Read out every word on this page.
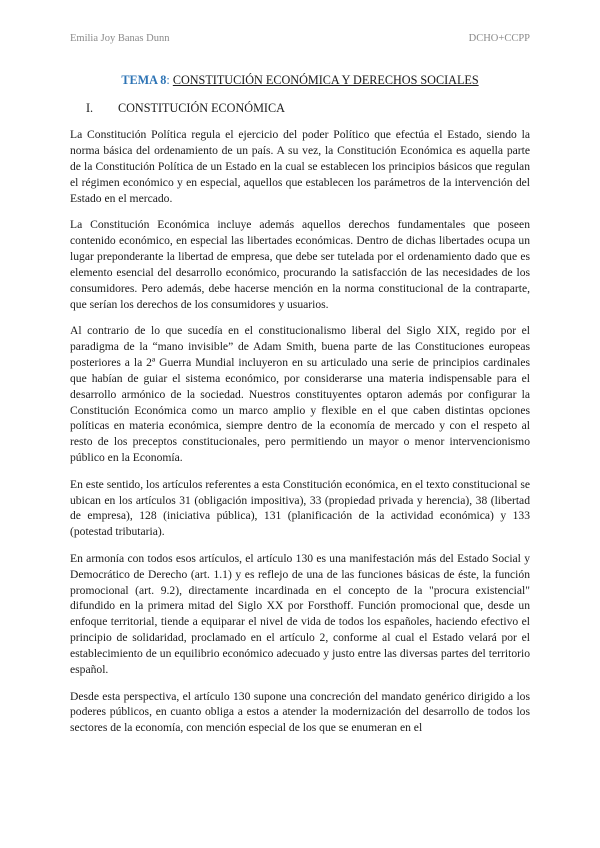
Emilia Joy Banas Dunn	DCHO+CCPP
TEMA 8: CONSTITUCIÓN ECONÓMICA Y DERECHOS SOCIALES
I.	CONSTITUCIÓN ECONÓMICA

La Constitución Política regula el ejercicio del poder Político que efectúa el Estado, siendo la norma básica del ordenamiento de un país. A su vez, la Constitución Económica es aquella parte de la Constitución Política de un Estado en la cual se establecen los principios básicos que regulan el régimen económico y en especial, aquellos que establecen los parámetros de la intervención del Estado en el mercado.

La Constitución Económica incluye además aquellos derechos fundamentales que poseen contenido económico, en especial las libertades económicas. Dentro de dichas libertades ocupa un lugar preponderante la libertad de empresa, que debe ser tutelada por el ordenamiento dado que es elemento esencial del desarrollo económico, procurando la satisfacción de las necesidades de los consumidores. Pero además, debe hacerse mención en la norma constitucional de la contraparte, que serían los derechos de los consumidores y usuarios.

Al contrario de lo que sucedía en el constitucionalismo liberal del Siglo XIX, regido por el paradigma de la “mano invisible” de Adam Smith, buena parte de las Constituciones europeas posteriores a la 2ª Guerra Mundial incluyeron en su articulado una serie de principios cardinales que habían de guiar el sistema económico, por considerarse una materia indispensable para el desarrollo armónico de la sociedad. Nuestros constituyentes optaron además por configurar la Constitución Económica como un marco amplio y flexible en el que caben distintas opciones políticas en materia económica, siempre dentro de la economía de mercado y con el respeto al resto de los preceptos constitucionales, pero permitiendo un mayor o menor intervencionismo público en la Economía.

En este sentido, los artículos referentes a esta Constitución económica, en el texto constitucional se ubican en los artículos 31 (obligación impositiva), 33 (propiedad privada y herencia), 38 (libertad de empresa), 128 (iniciativa pública), 131 (planificación de la actividad económica) y 133 (potestad tributaria).

En armonía con todos esos artículos, el artículo 130 es una manifestación más del Estado Social y Democrático de Derecho (art. 1.1) y es reflejo de una de las funciones básicas de éste, la función promocional (art. 9.2), directamente incardinada en el concepto de la "procura existencial" difundido en la primera mitad del Siglo XX por Forsthoff. Función promocional que, desde un enfoque territorial, tiende a equiparar el nivel de vida de todos los españoles, haciendo efectivo el principio de solidaridad, proclamado en el artículo 2, conforme al cual el Estado velará por el establecimiento de un equilibrio económico adecuado y justo entre las diversas partes del territorio español.

Desde esta perspectiva, el artículo 130 supone una concreción del mandato genérico dirigido a los poderes públicos, en cuanto obliga a estos a atender la modernización del desarrollo de todos los sectores de la economía, con mención especial de los que se enumeran en el
